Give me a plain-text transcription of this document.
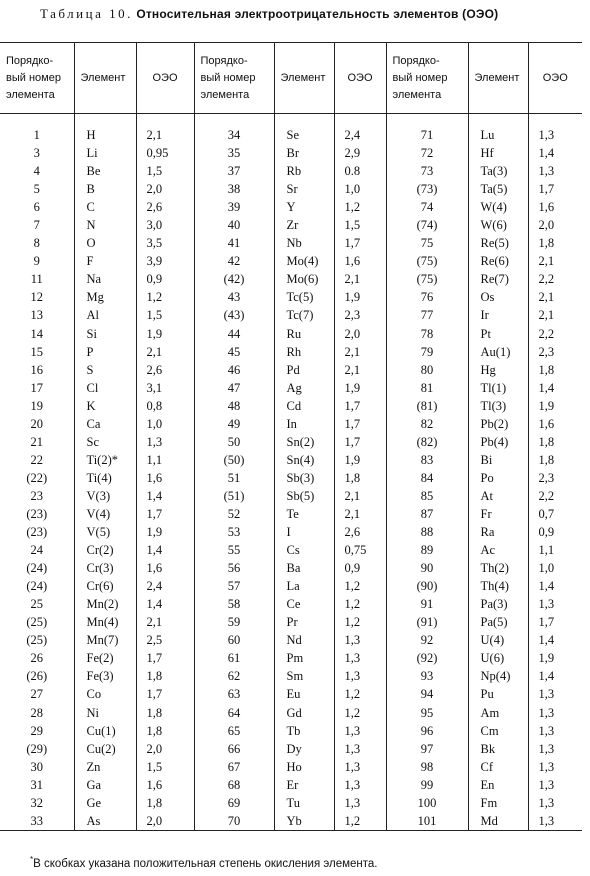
Таблица 10. Относительная электроотрицательность элементов (ОЭО)
Порядко-
вый номер
элемента	Элемент	ОЭО	Порядко-
вый номер
элемента	Элемент	ОЭО	Порядко-
вый номер
элемента	Элемент	ОЭО

1	H	2,1	34	Se	2,4	71	Lu	1,3
3	Li	0,95	35	Br	2,9	72	Hf	1,4
4	Be	1,5	37	Rb	0.8	73	Ta(3)	1,3
5	B	2,0	38	Sr	1,0	(73)	Ta(5)	1,7
6	C	2,6	39	Y	1,2	74	W(4)	1,6
7	N	3,0	40	Zr	1,5	(74)	W(6)	2,0
8	O	3,5	41	Nb	1,7	75	Re(5)	1,8
9	F	3,9	42	Mo(4)	1,6	(75)	Re(6)	2,1
11	Na	0,9	(42)	Mo(6)	2,1	(75)	Re(7)	2,2
12	Mg	1,2	43	Tc(5)	1,9	76	Os	2,1
13	Al	1,5	(43)	Tc(7)	2,3	77	Ir	2,1
14	Si	1,9	44	Ru	2,0	78	Pt	2,2
15	P	2,1	45	Rh	2,1	79	Au(1)	2,3
16	S	2,6	46	Pd	2,1	80	Hg	1,8
17	Cl	3,1	47	Ag	1,9	81	Tl(1)	1,4
19	K	0,8	48	Cd	1,7	(81)	Tl(3)	1,9
20	Ca	1,0	49	In	1,7	82	Pb(2)	1,6
21	Sc	1,3	50	Sn(2)	1,7	(82)	Pb(4)	1,8
22	Ti(2)*	1,1	(50)	Sn(4)	1,9	83	Bi	1,8
(22)	Ti(4)	1,6	51	Sb(3)	1,8	84	Po	2,3
23	V(3)	1,4	(51)	Sb(5)	2,1	85	At	2,2
(23)	V(4)	1,7	52	Te	2,1	87	Fr	0,7
(23)	V(5)	1,9	53	I	2,6	88	Ra	0,9
24	Cr(2)	1,4	55	Cs	0,75	89	Ac	1,1
(24)	Cr(3)	1,6	56	Ba	0,9	90	Th(2)	1,0
(24)	Cr(6)	2,4	57	La	1,2	(90)	Th(4)	1,4
25	Mn(2)	1,4	58	Ce	1,2	91	Pa(3)	1,3
(25)	Mn(4)	2,1	59	Pr	1,2	(91)	Pa(5)	1,7
(25)	Mn(7)	2,5	60	Nd	1,3	92	U(4)	1,4
26	Fe(2)	1,7	61	Pm	1,3	(92)	U(6)	1,9
(26)	Fe(3)	1,8	62	Sm	1,3	93	Np(4)	1,4
27	Co	1,7	63	Eu	1,2	94	Pu	1,3
28	Ni	1,8	64	Gd	1,2	95	Am	1,3
29	Cu(1)	1,8	65	Tb	1,3	96	Cm	1,3
(29)	Cu(2)	2,0	66	Dy	1,3	97	Bk	1,3
30	Zn	1,5	67	Ho	1,3	98	Cf	1,3
31	Ga	1,6	68	Er	1,3	99	En	1,3
32	Ge	1,8	69	Tu	1,3	100	Fm	1,3
33	As	2,0	70	Yb	1,2	101	Md	1,3
*В скобках указана положительная степень окисления элемента.
